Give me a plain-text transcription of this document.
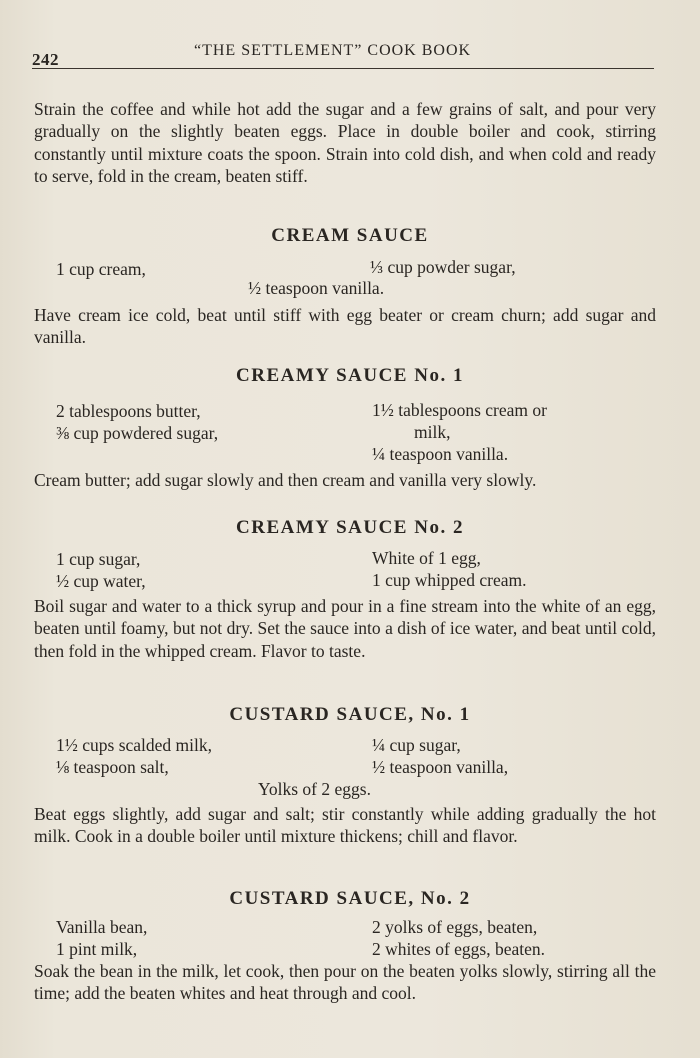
242	“THE SETTLEMENT” COOK BOOK
Strain the coffee and while hot add the sugar and a few grains of salt, and pour very gradually on the slightly beaten eggs. Place in double boiler and cook, stirring constantly until mixture coats the spoon. Strain into cold dish, and when cold and ready to serve, fold in the cream, beaten stiff.
CREAM SAUCE
1 cup cream,	⅓ cup powder sugar,
½ teaspoon vanilla.
Have cream ice cold, beat until stiff with egg beater or cream churn; add sugar and vanilla.
CREAMY SAUCE No. 1
2 tablespoons butter,
⅜ cup powdered sugar,
1½ tablespoons cream or
milk,
¼ teaspoon vanilla.
Cream butter; add sugar slowly and then cream and vanilla very slowly.
CREAMY SAUCE No. 2
1 cup sugar,
½ cup water,
White of 1 egg,
1 cup whipped cream.
Boil sugar and water to a thick syrup and pour in a fine stream into the white of an egg, beaten until foamy, but not dry. Set the sauce into a dish of ice water, and beat until cold, then fold in the whipped cream. Flavor to taste.
CUSTARD SAUCE, No. 1
1½ cups scalded milk,
⅛ teaspoon salt,
¼ cup sugar,
½ teaspoon vanilla,
Yolks of 2 eggs.
Beat eggs slightly, add sugar and salt; stir constantly while adding gradually the hot milk. Cook in a double boiler until mixture thickens; chill and flavor.
CUSTARD SAUCE, No. 2
Vanilla bean,
1 pint milk,
2 yolks of eggs, beaten,
2 whites of eggs, beaten.
Soak the bean in the milk, let cook, then pour on the beaten yolks slowly, stirring all the time; add the beaten whites and heat through and cool.
